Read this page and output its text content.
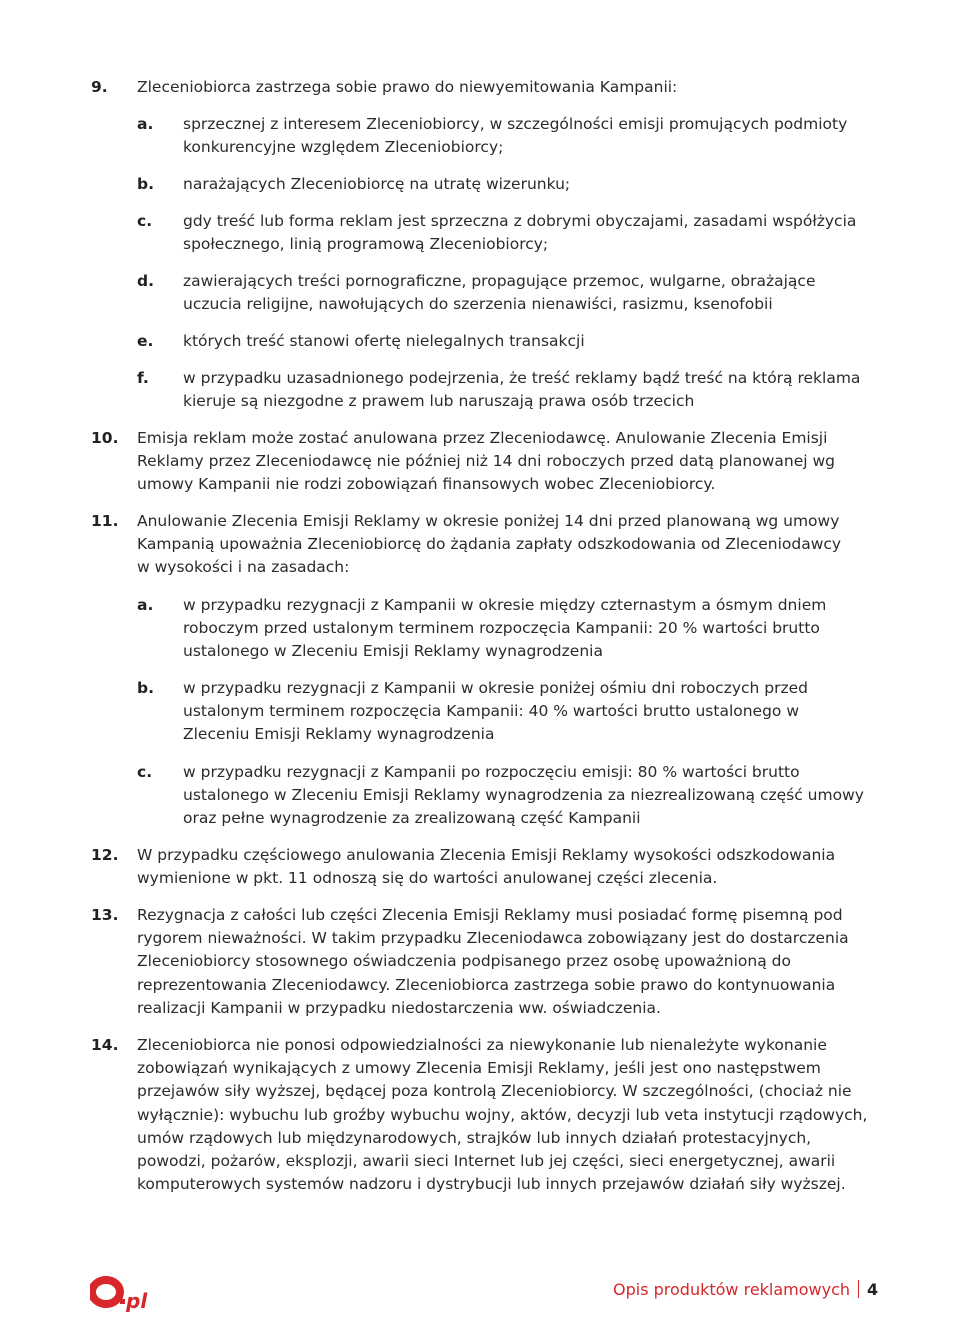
9. Zleceniobiorca zastrzega sobie prawo do niewyemitowania Kampanii:
a. sprzecznej z interesem Zleceniobiorcy, w szczególności emisji promujących podmioty
konkurencyjne względem Zleceniobiorcy;
b. narażających Zleceniobiorcę na utratę wizerunku;
c. gdy treść lub forma reklam jest sprzeczna z dobrymi obyczajami, zasadami współżycia
społecznego, linią programową Zleceniobiorcy;
d. zawierających treści pornograficzne, propagujące przemoc, wulgarne, obrażające
uczucia religijne, nawołujących do szerzenia nienawiści, rasizmu, ksenofobii
e. których treść stanowi ofertę nielegalnych transakcji
f. w przypadku uzasadnionego podejrzenia, że treść reklamy bądź treść na którą reklama
kieruje są niezgodne z prawem lub naruszają prawa osób trzecich
10. Emisja reklam może zostać anulowana przez Zleceniodawcę. Anulowanie Zlecenia Emisji
Reklamy przez Zleceniodawcę nie później niż 14 dni roboczych przed datą planowanej wg
umowy Kampanii nie rodzi zobowiązań finansowych wobec Zleceniobiorcy.
11. Anulowanie Zlecenia Emisji Reklamy w okresie poniżej 14 dni przed planowaną wg umowy
Kampanią upoważnia Zleceniobiorcę do żądania zapłaty odszkodowania od Zleceniodawcy
w wysokości i na zasadach:
a. w przypadku rezygnacji z Kampanii w okresie między czternastym a ósmym dniem
roboczym przed ustalonym terminem rozpoczęcia Kampanii: 20 % wartości brutto
ustalonego w Zleceniu Emisji Reklamy wynagrodzenia
b. w przypadku rezygnacji z Kampanii w okresie poniżej ośmiu dni roboczych przed
ustalonym terminem rozpoczęcia Kampanii: 40 % wartości brutto ustalonego w
Zleceniu Emisji Reklamy wynagrodzenia
c. w przypadku rezygnacji z Kampanii po rozpoczęciu emisji: 80 % wartości brutto
ustalonego w Zleceniu Emisji Reklamy wynagrodzenia za niezrealizowaną część umowy
oraz pełne wynagrodzenie za zrealizowaną część Kampanii
12. W przypadku częściowego anulowania Zlecenia Emisji Reklamy wysokości odszkodowania
wymienione w pkt. 11 odnoszą się do wartości anulowanej części zlecenia.
13. Rezygnacja z całości lub części Zlecenia Emisji Reklamy musi posiadać formę pisemną pod
rygorem nieważności. W takim przypadku Zleceniodawca zobowiązany jest do dostarczenia
Zleceniobiorcy stosownego oświadczenia podpisanego przez osobę upoważnioną do
reprezentowania Zleceniodawcy. Zleceniobiorca zastrzega sobie prawo do kontynuowania
realizacji Kampanii w przypadku niedostarczenia ww. oświadczenia.
14. Zleceniobiorca nie ponosi odpowiedzialności za niewykonanie lub nienależyte wykonanie
zobowiązań wynikających z umowy Zlecenia Emisji Reklamy, jeśli jest ono następstwem
przejawów siły wyższej, będącej poza kontrolą Zleceniobiorcy. W szczególności, (chociaż nie
wyłącznie): wybuchu lub groźby wybuchu wojny, aktów, decyzji lub veta instytucji rządowych,
umów rządowych lub międzynarodowych, strajków lub innych działań protestacyjnych,
powodzi, pożarów, eksplozji, awarii sieci Internet lub jej części, sieci energetycznej, awarii
komputerowych systemów nadzoru i dystrybucji lub innych przejawów działań siły wyższej.
pl	Opis produktów reklamowych 4
